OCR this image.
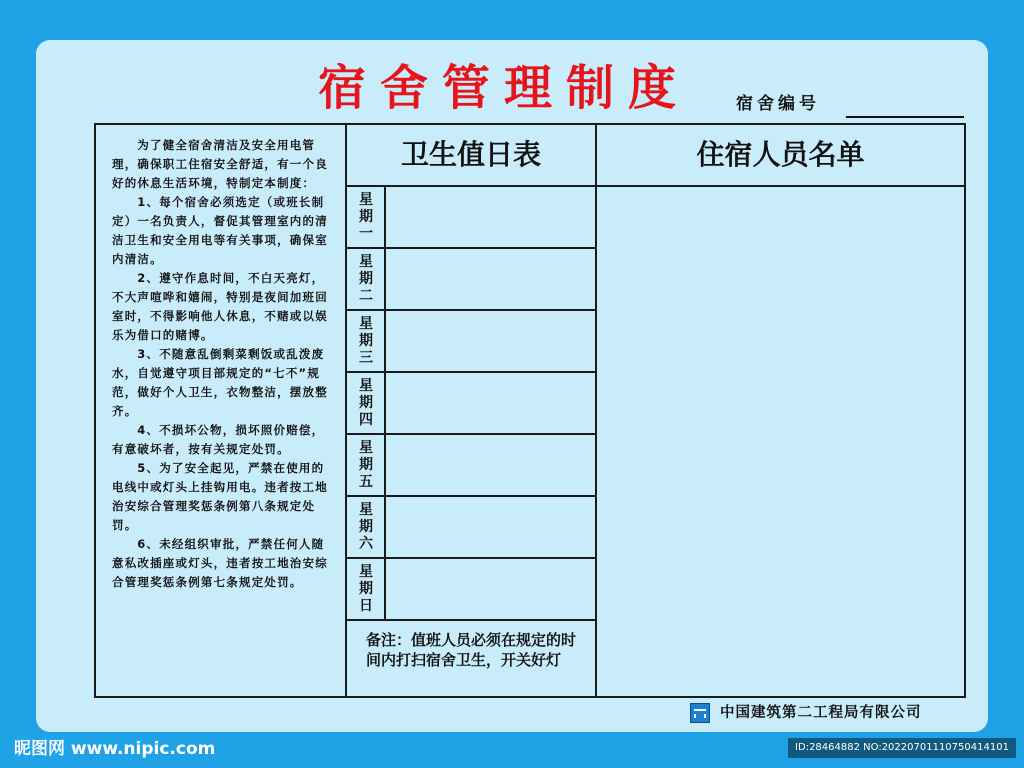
宿舍管理制度	宿舍编号

为了健全宿舍清洁及安全用电管理，确保职工住宿安全舒适，有一个良好的休息生活环境，特制定本制度：

1、每个宿舍必须选定（或班长制定）一名负责人，督促其管理室内的清洁卫生和安全用电等有关事项，确保室内清洁。

2、遵守作息时间，不白天亮灯，不大声喧哗和嬉闹，特别是夜间加班回室时，不得影响他人休息，不赌或以娱乐为借口的赌博。

3、不随意乱倒剩菜剩饭或乱泼废水，自觉遵守项目部规定的“七不”规范，做好个人卫生，衣物整洁，摆放整齐。

4、不损坏公物，损坏照价赔偿，有意破坏者，按有关规定处罚。

5、为了安全起见，严禁在使用的电线中或灯头上挂钩用电。违者按工地治安综合管理奖惩条例第八条规定处罚。

6、未经组织审批，严禁任何人随意私改插座或灯头，违者按工地治安综合管理奖惩条例第七条规定处罚。

卫生值日表	住宿人员名单
星期一
星期二
星期三
星期四
星期五
星期六
星期日
备注：值班人员必须在规定的时间内打扫宿舍卫生，开关好灯
中国建筑第二工程局有限公司
昵图网 www.nipic.com	ID:28464882 NO:20220701110750414101
